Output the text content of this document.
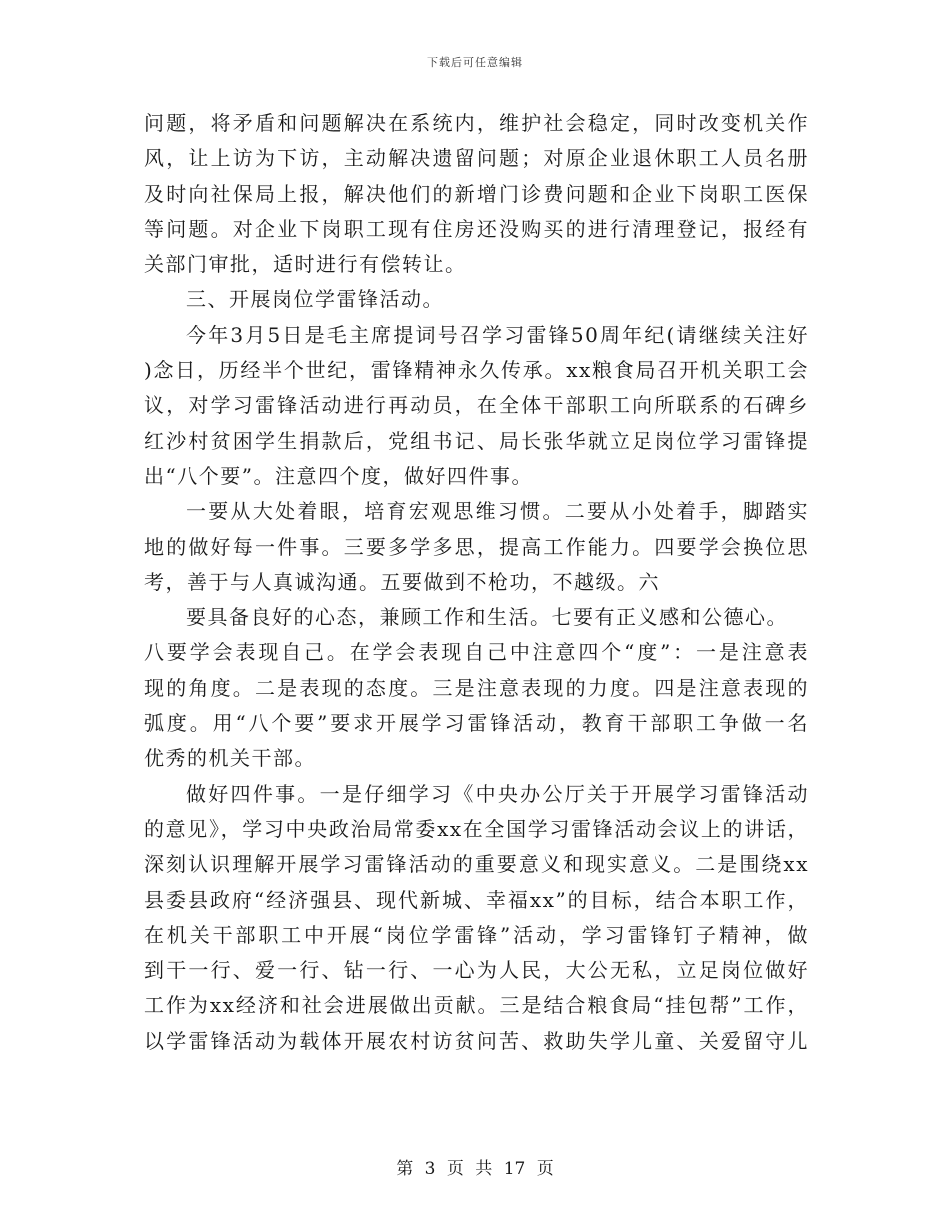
下载后可任意编辑
问题，将矛盾和问题解决在系统内，维护社会稳定，同时改变机关作
风，让上访为下访，主动解决遗留问题；对原企业退休职工人员名册
及时向社保局上报，解决他们的新增门诊费问题和企业下岗职工医保
等问题。对企业下岗职工现有住房还没购买的进行清理登记，报经有
关部门审批，适时进行有偿转让。
三、开展岗位学雷锋活动。
今年3月5日是毛主席提词号召学习雷锋50周年纪(请继续关注好
)念日，历经半个世纪，雷锋精神永久传承。xx粮食局召开机关职工会
议，对学习雷锋活动进行再动员，在全体干部职工向所联系的石碑乡
红沙村贫困学生捐款后，党组书记、局长张华就立足岗位学习雷锋提
出“八个要”。注意四个度，做好四件事。
一要从大处着眼，培育宏观思维习惯。二要从小处着手，脚踏实
地的做好每一件事。三要多学多思，提高工作能力。四要学会换位思
考，善于与人真诚沟通。五要做到不枪功，不越级。六
要具备良好的心态，兼顾工作和生活。七要有正义感和公德心。
八要学会表现自己。在学会表现自己中注意四个“度”：一是注意表
现的角度。二是表现的态度。三是注意表现的力度。四是注意表现的
弧度。用“八个要”要求开展学习雷锋活动，教育干部职工争做一名
优秀的机关干部。
做好四件事。一是仔细学习《中央办公厅关于开展学习雷锋活动
的意见》，学习中央政治局常委xx在全国学习雷锋活动会议上的讲话，
深刻认识理解开展学习雷锋活动的重要意义和现实意义。二是围绕xx
县委县政府“经济强县、现代新城、幸福xx”的目标，结合本职工作，
在机关干部职工中开展“岗位学雷锋”活动，学习雷锋钉子精神，做
到干一行、爱一行、钻一行、一心为人民，大公无私，立足岗位做好
工作为xx经济和社会进展做出贡献。三是结合粮食局“挂包帮”工作，
以学雷锋活动为载体开展农村访贫问苦、救助失学儿童、关爱留守儿
第 3 页 共 17 页
